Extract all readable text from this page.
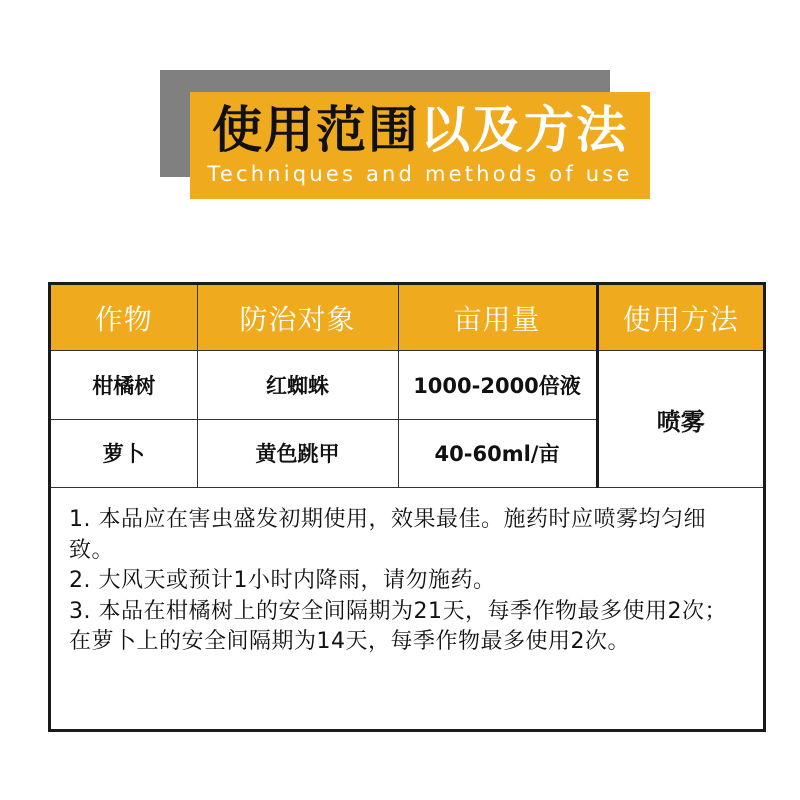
使用范围以及方法
Techniques and methods of use
作物	防治对象	亩用量	使用方法
柑橘树	红蜘蛛	1000-2000倍液	喷雾
萝卜	黄色跳甲	40-60ml/亩	

1. 本品应在害虫盛发初期使用，效果最佳。施药时应喷雾均匀细致。

2. 大风天或预计1小时内降雨，请勿施药。

3. 本品在柑橘树上的安全间隔期为21天，每季作物最多使用2次；在萝卜上的安全间隔期为14天，每季作物最多使用2次。
